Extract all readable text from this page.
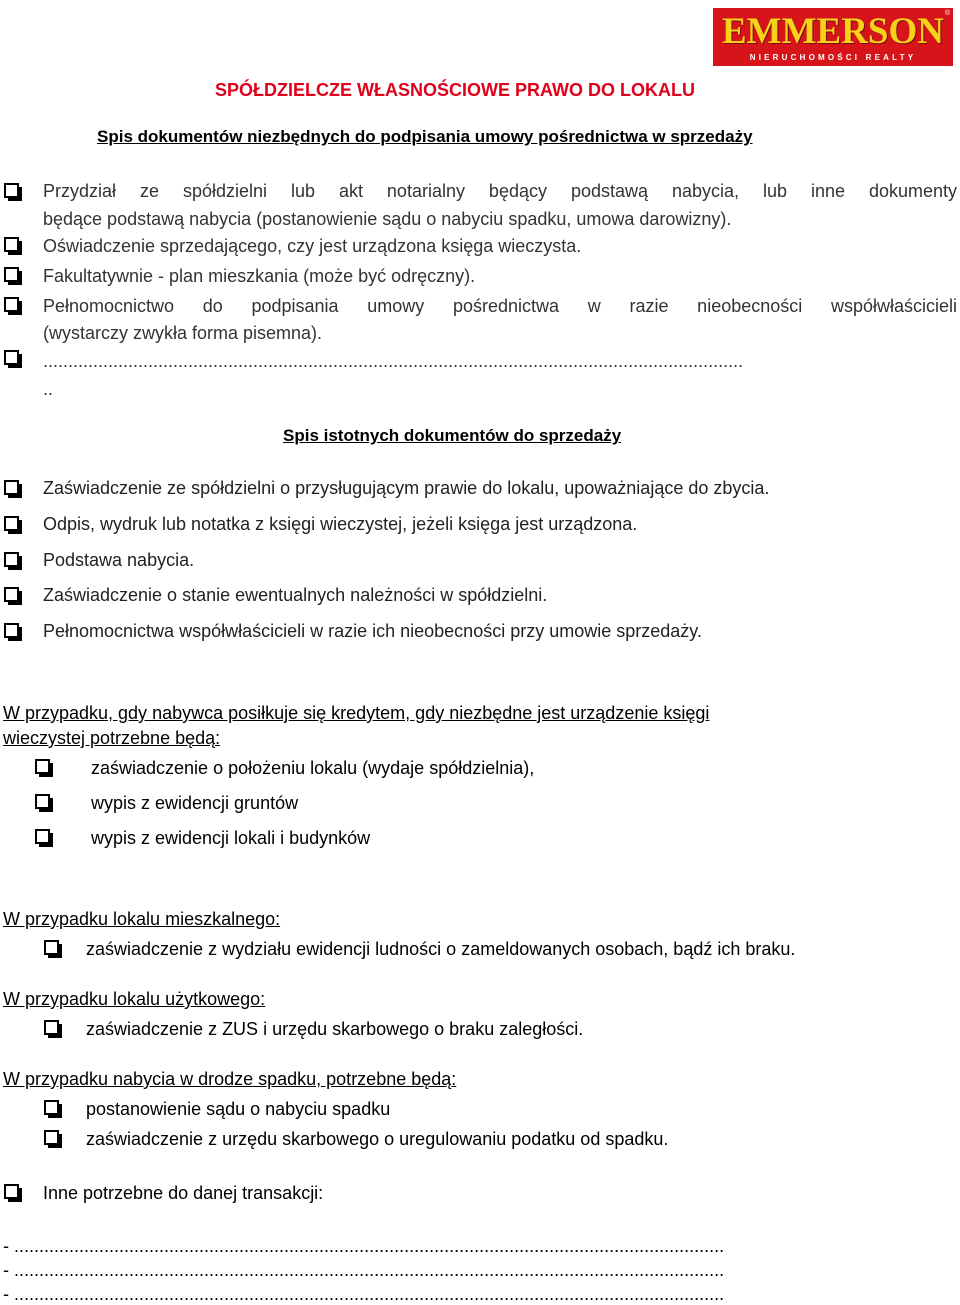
®
EMMERSON
NIERUCHOMOŚCI REALTY
SPÓŁDZIELCZE WŁASNOŚCIOWE PRAWO DO LOKALU
Spis dokumentów niezbędnych do podpisania umowy pośrednictwa w sprzedaży
Przydział ze spółdzielni lub akt notarialny będący podstawą nabycia, lub inne dokumenty
będące podstawą nabycia (postanowienie sądu o nabyciu spadku, umowa darowizny).
Oświadczenie sprzedającego, czy jest urządzona księga wieczysta.
Fakultatywnie - plan mieszkania (może być odręczny).
Pełnomocnictwo do podpisania umowy pośrednictwa w razie nieobecności współwłaścicieli
(wystarczy zwykła forma pisemna).
............................................................................................................................................
..
Spis istotnych dokumentów do sprzedaży
Zaświadczenie ze spółdzielni o przysługującym prawie do lokalu, upoważniające do zbycia.
Odpis, wydruk lub notatka z księgi wieczystej, jeżeli księga jest urządzona.
Podstawa nabycia.
Zaświadczenie o stanie ewentualnych należności w spółdzielni.
Pełnomocnictwa współwłaścicieli w razie ich nieobecności przy umowie sprzedaży.
W przypadku, gdy nabywca posiłkuje się kredytem, gdy niezbędne jest urządzenie księgi
wieczystej potrzebne będą:
zaświadczenie o położeniu lokalu (wydaje spółdzielnia),
wypis z ewidencji gruntów
wypis z ewidencji lokali i budynków
W przypadku lokalu mieszkalnego:
zaświadczenie z wydziału ewidencji ludności o zameldowanych osobach, bądź ich braku.
W przypadku lokalu użytkowego:
zaświadczenie z ZUS i urzędu skarbowego o braku zaległości.
W przypadku nabycia w drodze spadku, potrzebne będą:
postanowienie sądu o nabyciu spadku
zaświadczenie z urzędu skarbowego o uregulowaniu podatku od spadku.
Inne potrzebne do danej transakcji:
- ..............................................................................................................................................
- ..............................................................................................................................................
- ..............................................................................................................................................
